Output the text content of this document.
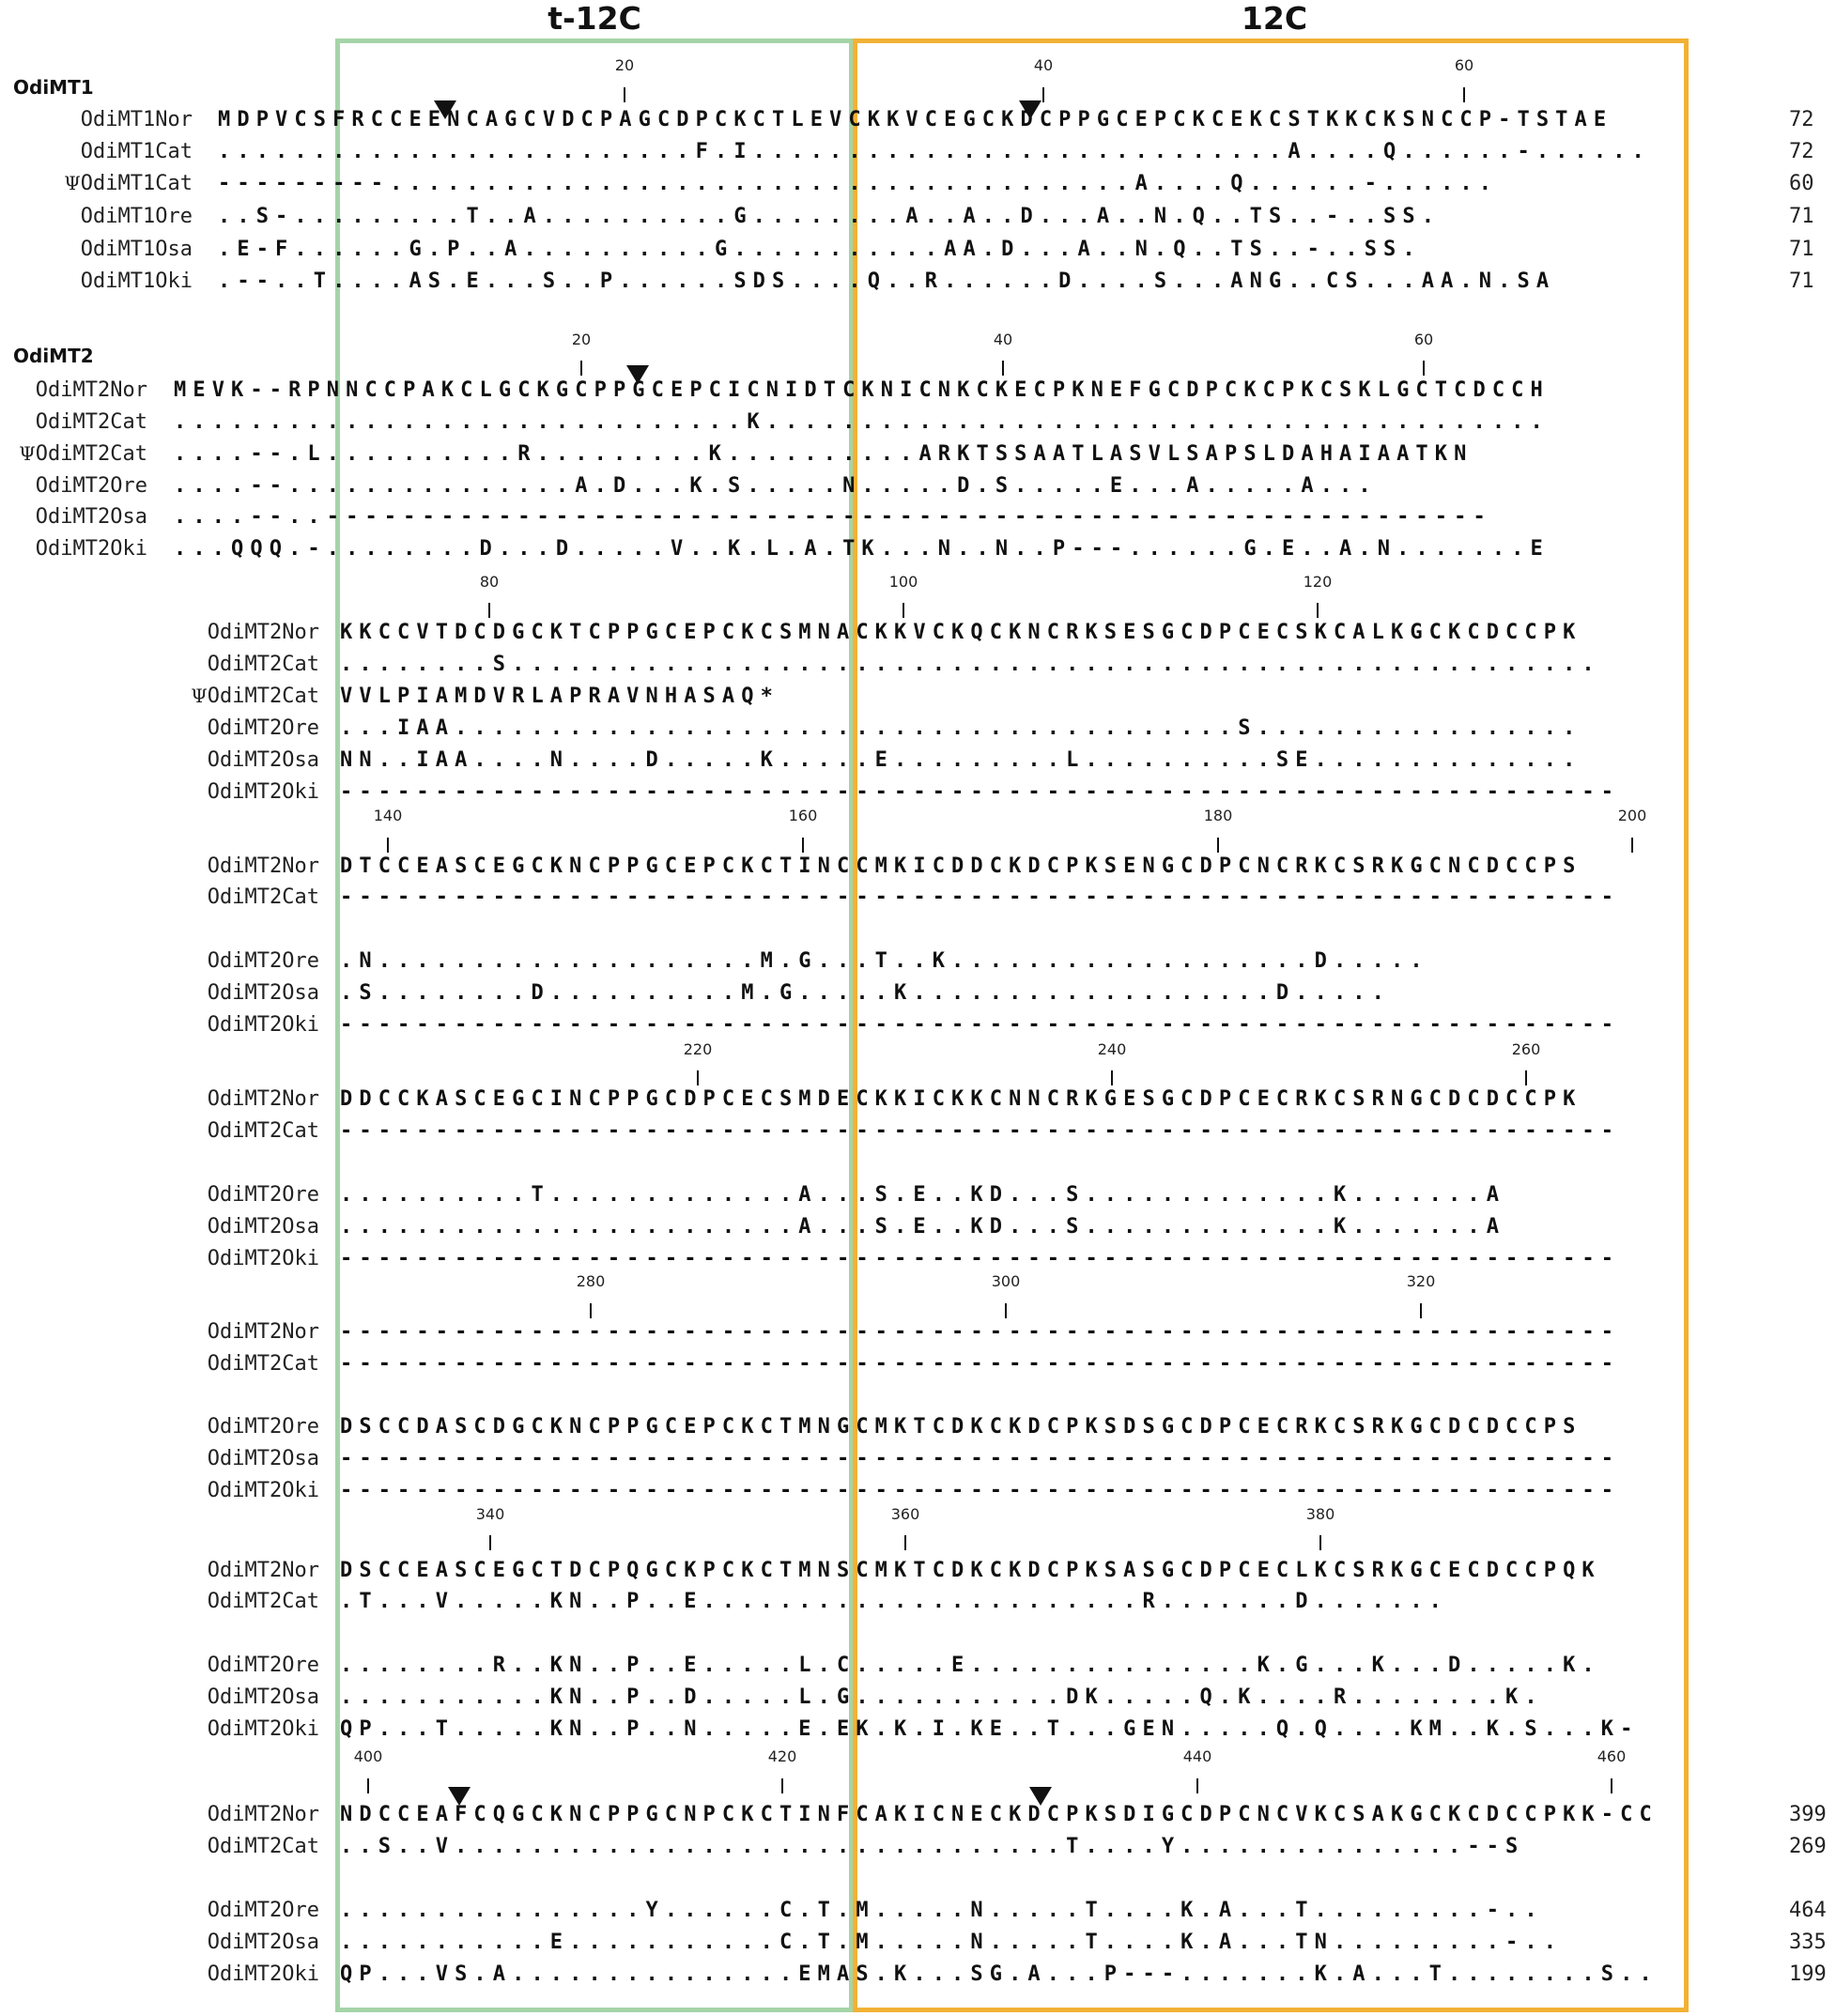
t-12C	12C
OdiMT1
20	40	60
OdiMT1Nor MDPVCSFRCCEENCAGCVDCPAGCDPCKCTLEVCKKVCEGCKDCPPGCEPCKCEKCSTKKCKSNCCP-TSTAE	72
OdiMT1Cat .........................F.I............................A....Q......-......	72
ΨOdiMT1Cat ---------.......................................A....Q......-......	60
OdiMT1Ore ..S-.........T..A..........G........A..A..D...A..N.Q..TS..-..SS.	71
OdiMT1Osa .E-F......G.P..A..........G...........AA.D...A..N.Q..TS..-..SS.	71
OdiMT1Oki .--..T....AS.E...S..P......SDS....Q..R......D....S...ANG..CS...AA.N.SA	71
OdiMT2
20	40	60
OdiMT2Nor MEVK--RPNNCCPAKCLGCKGCPPGCEPCICNIDTCKNICNKCKECPKNEFGCDPCKCPKCSKLGCTCDCCH
OdiMT2Cat ..............................K.........................................
ΨOdiMT2Cat ....--.L..........R.........K..........ARKTSSAATLASVLSAPSLDAHAIAATKN
OdiMT2Ore ....--...............A.D...K.S.....N.....D.S.....E...A.....A...
OdiMT2Osa ....--..-------------------------------------------------------------
OdiMT2Oki ...QQQ.-........D...D.....V..K.L.A.TK...N..N..P---......G.E..A.N.......E
80	100	120
OdiMT2Nor KKCCVTDCDGCKTCPPGCEPCKCSMNACKKVCKQCKNCRKSESGCDPCECSKCALKGCKCDCCPK
OdiMT2Cat ........S.........................................................
ΨOdiMT2Cat VVLPIAMDVRLAPRAVNHASAQ*
OdiMT2Ore ...IAA.........................................S.................
OdiMT2Osa NN..IAA....N....D.....K.....E.........L..........SE..............
OdiMT2Oki -------------------------------------------------------------------
140	160	180	200
OdiMT2Nor DTCCEASCEGCKNCPPGCEPCKCTINCCMKICDDCKDCPKSENGCDPCNCRKCSRKGCNCDCCPS
OdiMT2Cat -------------------------------------------------------------------
OdiMT2Ore .N....................M.G...T..K...................D.....
OdiMT2Osa .S........D..........M.G.....K...................D.....
OdiMT2Oki -------------------------------------------------------------------
220	240	260
OdiMT2Nor DDCCKASCEGCINCPPGCDPCECSMDECKKICKKCNNCRKGESGCDPCECRKCSRNGCDCDCCPK
OdiMT2Cat -------------------------------------------------------------------
OdiMT2Ore ..........T.............A...S.E..KD...S.............K.......A
OdiMT2Osa ........................A...S.E..KD...S.............K.......A
OdiMT2Oki -------------------------------------------------------------------
280	300	320
OdiMT2Nor -------------------------------------------------------------------
OdiMT2Cat -------------------------------------------------------------------
OdiMT2Ore DSCCDASCDGCKNCPPGCEPCKCTMNGCMKTCDKCKDCPKSDSGCDPCECRKCSRKGCDCDCCPS
OdiMT2Osa -------------------------------------------------------------------
OdiMT2Oki -------------------------------------------------------------------
340	360	380
OdiMT2Nor DSCCEASCEGCTDCPQGCKPCKCTMNSCMKTCDKCKDCPKSASGCDPCECLKCSRKGCECDCCPQK
OdiMT2Cat .T...V.....KN..P..E.......................R.......D.......
OdiMT2Ore ........R..KN..P..E.....L.C.....E...............K.G...K...D.....K.
OdiMT2Osa ...........KN..P..D.....L.G...........DK.....Q.K....R........K.
OdiMT2Oki QP...T.....KN..P..N.....E.EK.K.I.KE..T...GEN.....Q.Q....KM..K.S...K-
400	420	440	460
OdiMT2Nor NDCCEAFCQGCKNCPPGCNPCKCTINFCAKICNECKDCPKSDIGCDPCNCVKCSAKGCKCDCCPKK-CC	399
OdiMT2Cat ..S..V................................T....Y...............--S	269
OdiMT2Ore ................Y......C.T.M.....N.....T....K.A...T.........-..	464
OdiMT2Osa ...........E...........C.T.M.....N.....T....K.A...TN.........-..	335
OdiMT2Oki QP...VS.A...............EMAS.K...SG.A...P---.......K.A...T........S..	199
